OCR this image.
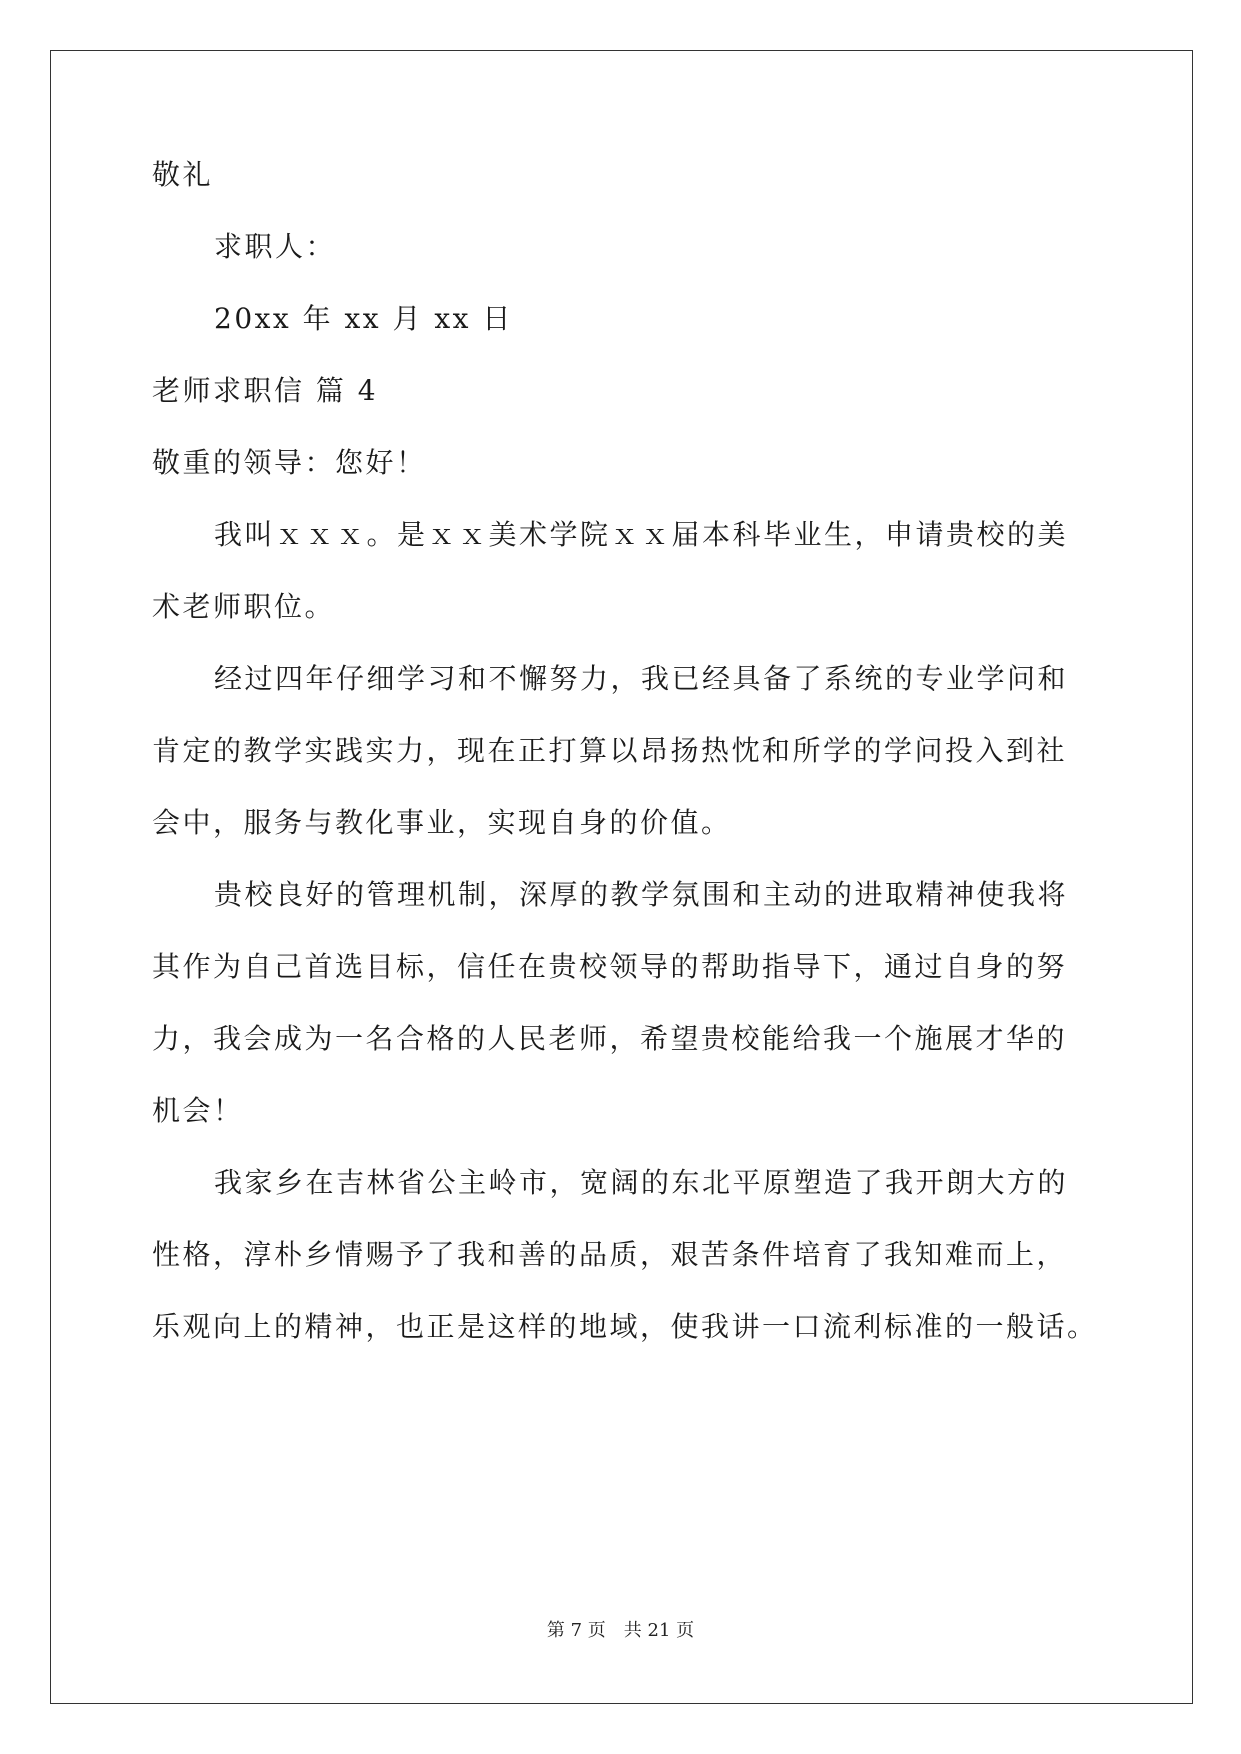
敬礼
求职人：
20xx 年 xx 月 xx 日
老师求职信 篇 4
敬重的领导：您好！
我叫ｘｘｘ。是ｘｘ美术学院ｘｘ届本科毕业生，申请贵校的美
术老师职位。
经过四年仔细学习和不懈努力，我已经具备了系统的专业学问和
肯定的教学实践实力，现在正打算以昂扬热忱和所学的学问投入到社
会中，服务与教化事业，实现自身的价值。
贵校良好的管理机制，深厚的教学氛围和主动的进取精神使我将
其作为自己首选目标，信任在贵校领导的帮助指导下，通过自身的努
力，我会成为一名合格的人民老师，希望贵校能给我一个施展才华的
机会！
我家乡在吉林省公主岭市，宽阔的东北平原塑造了我开朗大方的
性格，淳朴乡情赐予了我和善的品质，艰苦条件培育了我知难而上，
乐观向上的精神，也正是这样的地域，使我讲一口流利标准的一般话。
第 7 页 共 21 页
